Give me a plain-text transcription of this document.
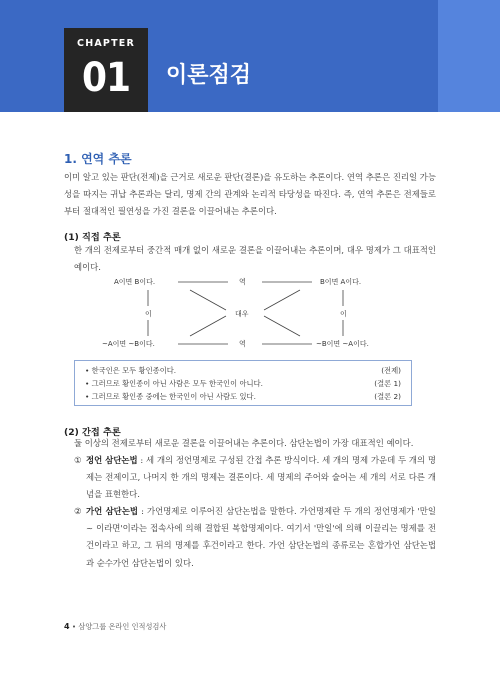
CHAPTER
01	이론점검
1. 연역 추론
이미 알고 있는 판단(전제)을 근거로 새로운 판단(결론)을 유도하는 추론이다. 연역 추론은 진리일 가능성을 따지는 귀납 추론과는 달리, 명제 간의 관계와 논리적 타당성을 따진다. 즉, 연역 추론은 전제들로부터 절대적인 필연성을 가진 결론을 이끌어내는 추론이다.
(1) 직접 추론
한 개의 전제로부터 중간적 매개 없이 새로운 결론을 이끌어내는 추론이며, 대우 명제가 그 대표적인 예이다.
A이면 B이다.	역	B이면 A이다.
이	대우	이
~A이면 ~B이다.	역	~B이면 ~A이다.
• 한국인은 모두 황인종이다.	(전제)
• 그러므로 황인종이 아닌 사람은 모두 한국인이 아니다.	(결론 1)
• 그러므로 황인종 중에는 한국인이 아닌 사람도 있다.	(결론 2)
(2) 간접 추론
둘 이상의 전제로부터 새로운 결론을 이끌어내는 추론이다. 삼단논법이 가장 대표적인 예이다.
① 정언 삼단논법 : 세 개의 정언명제로 구성된 간접 추론 방식이다. 세 개의 명제 가운데 두 개의 명제는 전제이고, 나머지 한 개의 명제는 결론이다. 세 명제의 주어와 술어는 세 개의 서로 다른 개념을 표현한다.
② 가언 삼단논법 : 가언명제로 이루어진 삼단논법을 말한다. 가언명제란 두 개의 정언명제가 '만일 ~ 이라면'이라는 접속사에 의해 결합된 복합명제이다. 여기서 '만일'에 의해 이끌리는 명제를 전건이라고 하고, 그 뒤의 명제를 후건이라고 한다. 가언 삼단논법의 종류로는 혼합가언 삼단논법과 순수가언 삼단논법이 있다.
4 • 삼양그룹 온라인 인적성검사
